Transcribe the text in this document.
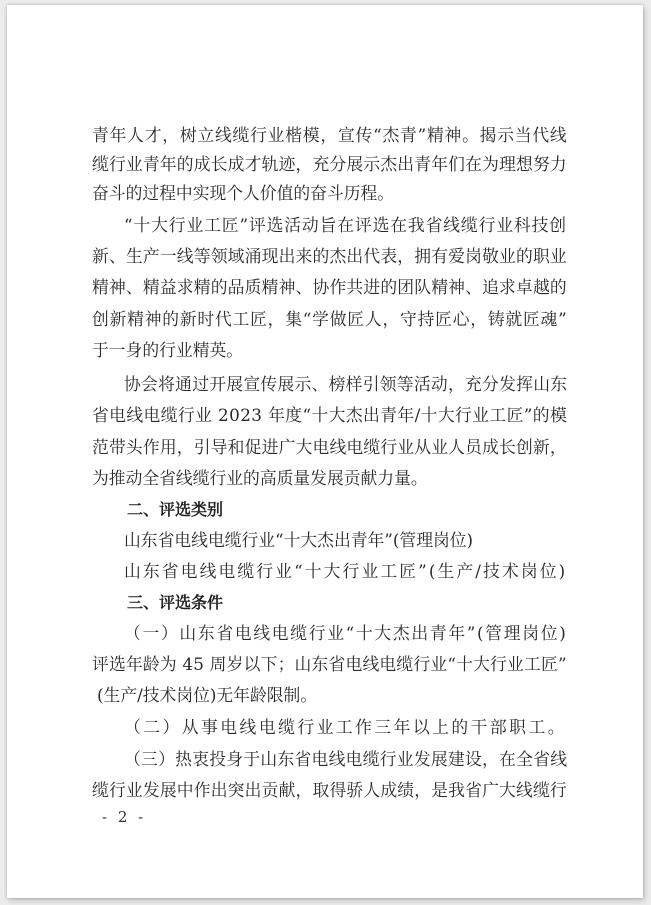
青年人才，树立线缆行业楷模，宣传“杰青”精神。揭示当代线
缆行业青年的成长成才轨迹，充分展示杰出青年们在为理想努力
奋斗的过程中实现个人价值的奋斗历程。
“十大行业工匠”评选活动旨在评选在我省线缆行业科技创
新、生产一线等领域涌现出来的杰出代表，拥有爱岗敬业的职业
精神、精益求精的品质精神、协作共进的团队精神、追求卓越的
创新精神的新时代工匠，集“学做匠人，守持匠心，铸就匠魂”
于一身的行业精英。
协会将通过开展宣传展示、榜样引领等活动，充分发挥山东
省电线电缆行业 2023 年度“十大杰出青年/十大行业工匠”的模
范带头作用，引导和促进广大电线电缆行业从业人员成长创新，
为推动全省线缆行业的高质量发展贡献力量。
二、评选类别
山东省电线电缆行业“十大杰出青年”(管理岗位)
山东省电线电缆行业“十大行业工匠”(生产/技术岗位)
三、评选条件
（一）山东省电线电缆行业“十大杰出青年”(管理岗位)
评选年龄为 45 周岁以下；山东省电线电缆行业“十大行业工匠”
(生产/技术岗位)无年龄限制。
（二）从事电线电缆行业工作三年以上的干部职工。
（三）热衷投身于山东省电线电缆行业发展建设，在全省线
缆行业发展中作出突出贡献，取得骄人成绩，是我省广大线缆行
- 2 -
